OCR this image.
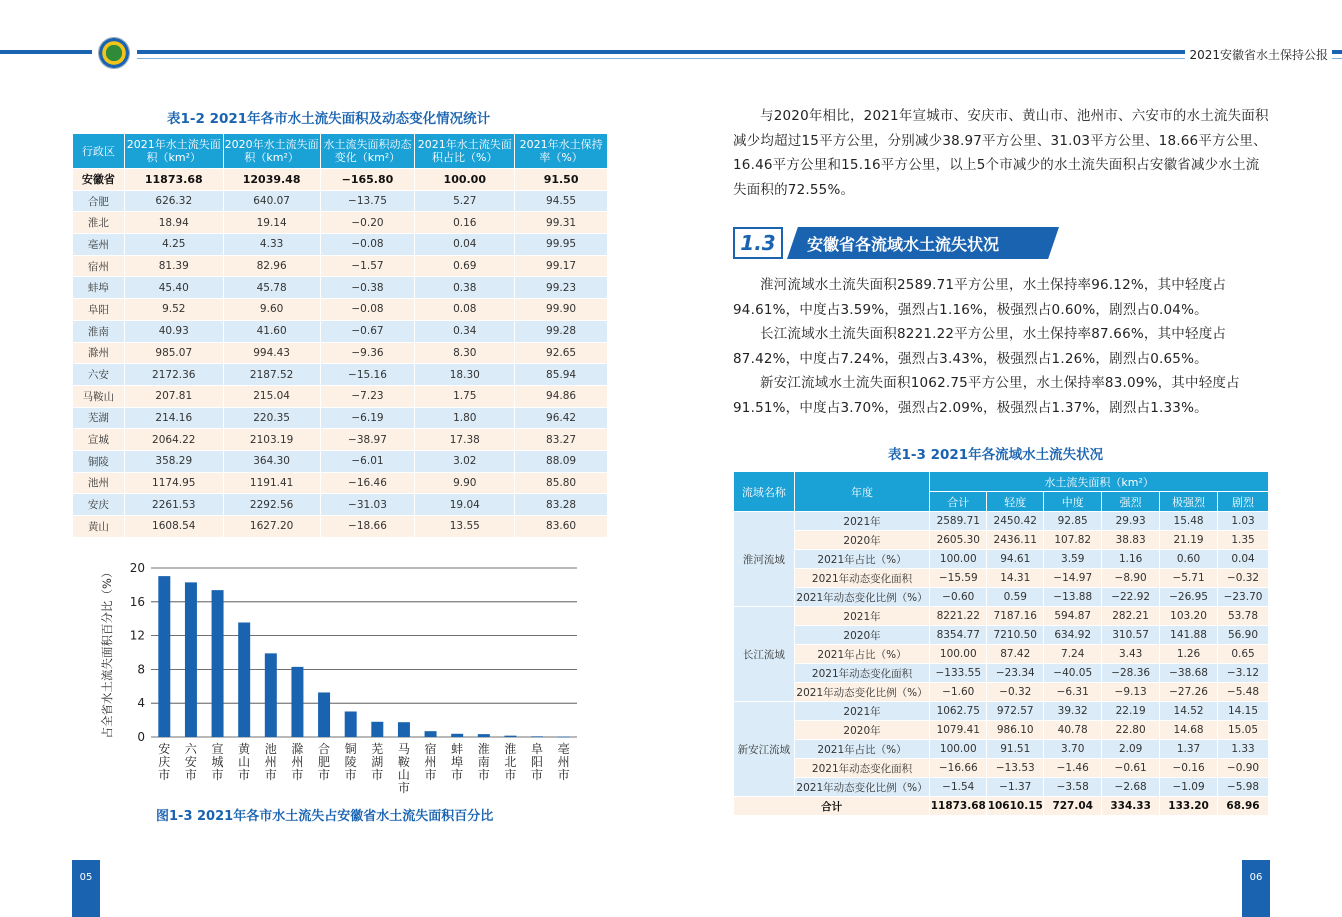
2021安徽省水土保持公报
表1-2 2021年各市水土流失面积及动态变化情况统计
行政区	2021年水土流失面积（km²）	2020年水土流失面积（km²）	水土流失面积动态变化（km²）	2021年水土流失面积占比（%）	2021年水土保持率（%）
安徽省	11873.68	12039.48	−165.80	100.00	91.50
合肥	626.32	640.07	−13.75	5.27	94.55
淮北	18.94	19.14	−0.20	0.16	99.31
亳州	4.25	4.33	−0.08	0.04	99.95
宿州	81.39	82.96	−1.57	0.69	99.17
蚌埠	45.40	45.78	−0.38	0.38	99.23
阜阳	9.52	9.60	−0.08	0.08	99.90
淮南	40.93	41.60	−0.67	0.34	99.28
滁州	985.07	994.43	−9.36	8.30	92.65
六安	2172.36	2187.52	−15.16	18.30	85.94
马鞍山	207.81	215.04	−7.23	1.75	94.86
芜湖	214.16	220.35	−6.19	1.80	96.42
宣城	2064.22	2103.19	−38.97	17.38	83.27
铜陵	358.29	364.30	−6.01	3.02	88.09
池州	1174.95	1191.41	−16.46	9.90	85.80
安庆	2261.53	2292.56	−31.03	19.04	83.28
黄山	1608.54	1627.20	−18.66	13.55	83.60
0
4
8
12
16
20
占全省水土流失面积百分比（%）
安庆市
六安市
宣城市
黄山市
池州市
滁州市
合肥市
铜陵市
芜湖市
马鞍山市
宿州市
蚌埠市
淮南市
淮北市
阜阳市
亳州市
图1-3 2021年各市水土流失占安徽省水土流失面积百分比
与2020年相比，2021年宣城市、安庆市、黄山市、池州市、六安市的水土流失面积减少均超过15平方公里，分别减少38.97平方公里、31.03平方公里、18.66平方公里、16.46平方公里和15.16平方公里，以上5个市减少的水土流失面积占安徽省减少水土流失面积的72.55%。
1.3	安徽省各流域水土流失状况
淮河流域水土流失面积2589.71平方公里，水土保持率96.12%，其中轻度占94.61%，中度占3.59%，强烈占1.16%，极强烈占0.60%，剧烈占0.04%。
长江流域水土流失面积8221.22平方公里，水土保持率87.66%，其中轻度占87.42%，中度占7.24%，强烈占3.43%，极强烈占1.26%，剧烈占0.65%。
新安江流域水土流失面积1062.75平方公里，水土保持率83.09%，其中轻度占91.51%，中度占3.70%，强烈占2.09%，极强烈占1.37%，剧烈占1.33%。
表1-3 2021年各流域水土流失状况
流域名称	年度	水土流失面积（km²）					
		合计	轻度	中度	强烈	极强烈	剧烈
淮河流域	2021年	2589.71	2450.42	92.85	29.93	15.48	1.03
	2020年	2605.30	2436.11	107.82	38.83	21.19	1.35
	2021年占比（%）	100.00	94.61	3.59	1.16	0.60	0.04
	2021年动态变化面积	−15.59	14.31	−14.97	−8.90	−5.71	−0.32
	2021年动态变化比例（%）	−0.60	0.59	−13.88	−22.92	−26.95	−23.70
长江流域	2021年	8221.22	7187.16	594.87	282.21	103.20	53.78
	2020年	8354.77	7210.50	634.92	310.57	141.88	56.90
	2021年占比（%）	100.00	87.42	7.24	3.43	1.26	0.65
	2021年动态变化面积	−133.55	−23.34	−40.05	−28.36	−38.68	−3.12
	2021年动态变化比例（%）	−1.60	−0.32	−6.31	−9.13	−27.26	−5.48
新安江流域	2021年	1062.75	972.57	39.32	22.19	14.52	14.15
	2020年	1079.41	986.10	40.78	22.80	14.68	15.05
	2021年占比（%）	100.00	91.51	3.70	2.09	1.37	1.33
	2021年动态变化面积	−16.66	−13.53	−1.46	−0.61	−0.16	−0.90
	2021年动态变化比例（%）	−1.54	−1.37	−3.58	−2.68	−1.09	−5.98
合计		11873.68	10610.15	727.04	334.33	133.20	68.96
05	06
